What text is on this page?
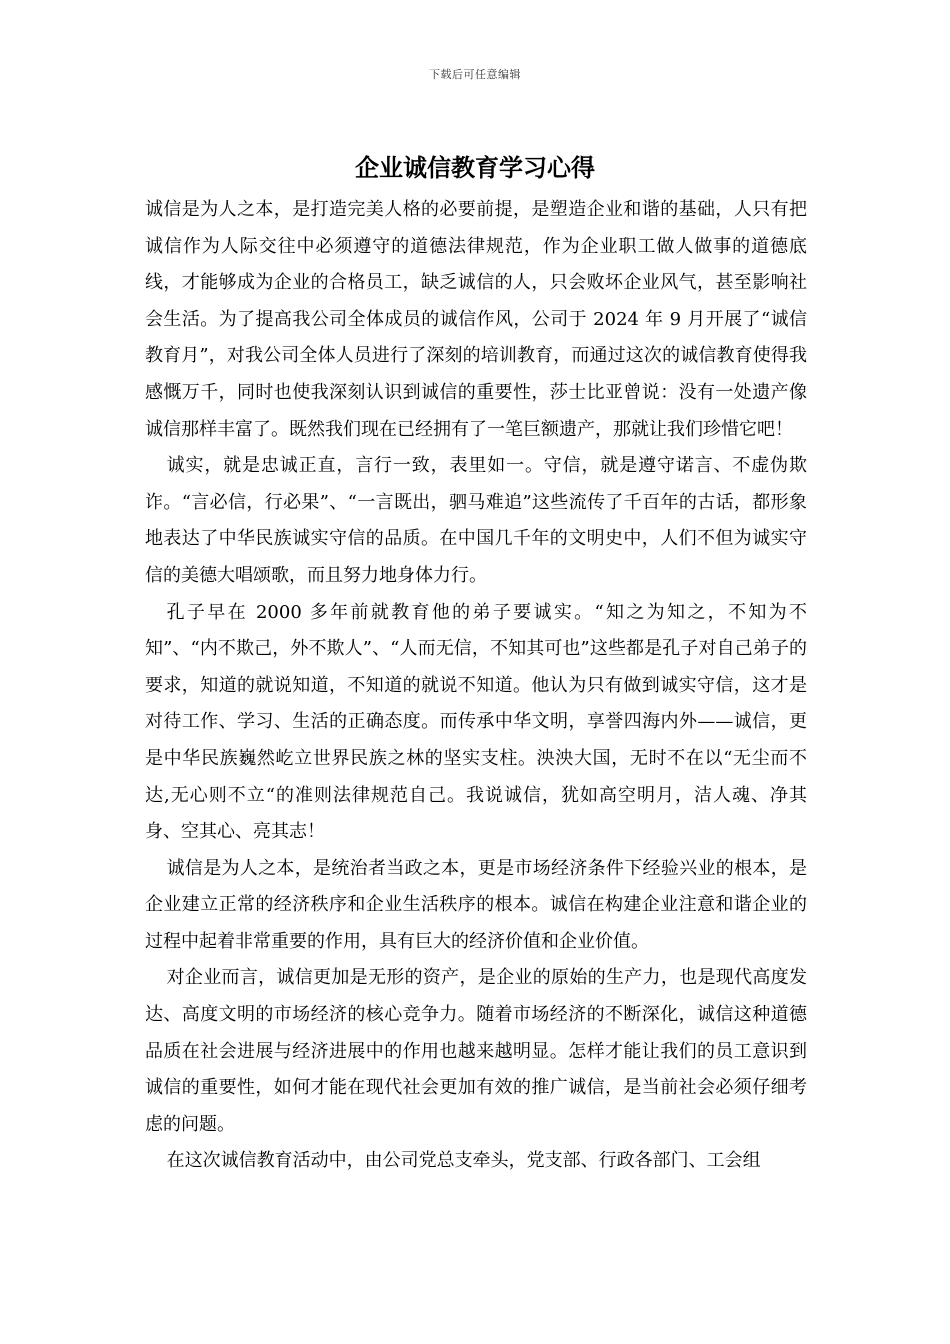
下载后可任意编辑
企业诚信教育学习心得

诚信是为人之本，是打造完美人格的必要前提，是塑造企业和谐的基础，人只有把诚信作为人际交往中必须遵守的道德法律规范，作为企业职工做人做事的道德底线，才能够成为企业的合格员工，缺乏诚信的人，只会败坏企业风气，甚至影响社会生活。为了提高我公司全体成员的诚信作风，公司于 2024 年 9 月开展了“诚信教育月”，对我公司全体人员进行了深刻的培训教育，而通过这次的诚信教育使得我感慨万千，同时也使我深刻认识到诚信的重要性，莎士比亚曾说：没有一处遗产像诚信那样丰富了。既然我们现在已经拥有了一笔巨额遗产，那就让我们珍惜它吧！

诚实，就是忠诚正直，言行一致，表里如一。守信，就是遵守诺言、不虚伪欺诈。“言必信，行必果”、“一言既出，驷马难追”这些流传了千百年的古话，都形象地表达了中华民族诚实守信的品质。在中国几千年的文明史中，人们不但为诚实守信的美德大唱颂歌，而且努力地身体力行。

孔子早在 2000 多年前就教育他的弟子要诚实。“知之为知之，不知为不知”、“内不欺己，外不欺人”、“人而无信，不知其可也”这些都是孔子对自己弟子的要求，知道的就说知道，不知道的就说不知道。他认为只有做到诚实守信，这才是对待工作、学习、生活的正确态度。而传承中华文明，享誉四海内外——诚信，更是中华民族巍然屹立世界民族之林的坚实支柱。泱泱大国，无时不在以“无尘而不达,无心则不立“的准则法律规范自己。我说诚信，犹如高空明月，洁人魂、净其身、空其心、亮其志！

诚信是为人之本，是统治者当政之本，更是市场经济条件下经验兴业的根本，是企业建立正常的经济秩序和企业生活秩序的根本。诚信在构建企业注意和谐企业的过程中起着非常重要的作用，具有巨大的经济价值和企业价值。

对企业而言，诚信更加是无形的资产，是企业的原始的生产力，也是现代高度发达、高度文明的市场经济的核心竞争力。随着市场经济的不断深化，诚信这种道德品质在社会进展与经济进展中的作用也越来越明显。怎样才能让我们的员工意识到诚信的重要性，如何才能在现代社会更加有效的推广诚信，是当前社会必须仔细考虑的问题。

在这次诚信教育活动中，由公司党总支牵头，党支部、行政各部门、工会组
